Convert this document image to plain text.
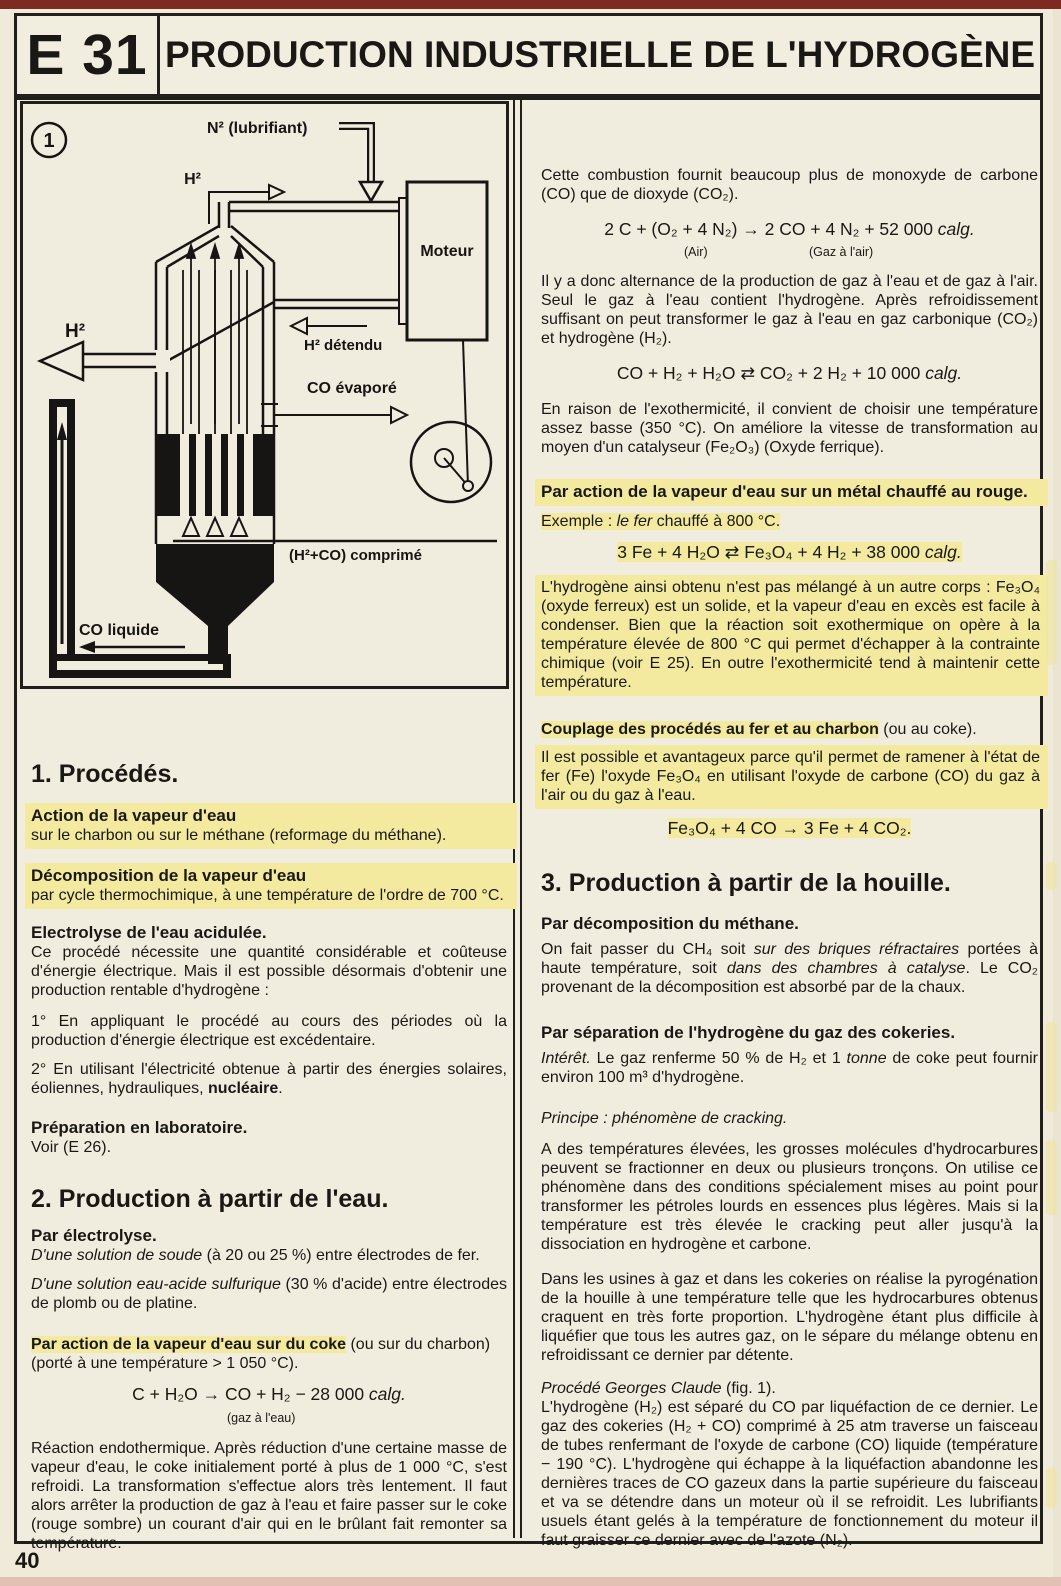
E 31 PRODUCTION INDUSTRIELLE DE L'HYDROGÈNE
1
N² (lubrifiant)
H²
CO liquide
H²
H² détendu
CO évaporé
(H²+CO) comprimé
Moteur
1. Procédés.
Action de la vapeur d'eau

sur le charbon ou sur le méthane (reformage du méthane).

Décomposition de la vapeur d'eau

par cycle thermochimique, à une température de l'ordre de 700 °C.

Electrolyse de l'eau acidulée.

Ce procédé nécessite une quantité considérable et coûteuse d'énergie électrique. Mais il est possible désormais d'obtenir une production rentable d'hydrogène :

1° En appliquant le procédé au cours des périodes où la production d'énergie électrique est excédentaire.

2° En utilisant l'électricité obtenue à partir des énergies solaires, éoliennes, hydrauliques, nucléaire.

Préparation en laboratoire.

Voir (E 26).

2. Production à partir de l'eau.
Par électrolyse.

D'une solution de soude (à 20 ou 25 %) entre électrodes de fer.

D'une solution eau-acide sulfurique (30 % d'acide) entre électrodes de plomb ou de platine.

Par action de la vapeur d'eau sur du coke (ou sur du charbon)

(porté à une température > 1 050 °C).

C + H₂O → CO + H₂ − 28 000 calg.
(gaz à l'eau)

Réaction endothermique. Après réduction d'une certaine masse de vapeur d'eau, le coke initialement porté à plus de 1 000 °C, s'est refroidi. La transformation s'effectue alors très lentement. Il faut alors arrêter la production de gaz à l'eau et faire passer sur le coke (rouge sombre) un courant d'air qui en le brûlant fait remonter sa température.

Cette combustion fournit beaucoup plus de monoxyde de carbone (CO) que de dioxyde (CO₂).

2 C + (O₂ + 4 N₂) → 2 CO + 4 N₂ + 52 000 calg.
(Air)	(Gaz à l'air)

Il y a donc alternance de la production de gaz à l'eau et de gaz à l'air. Seul le gaz à l'eau contient l'hydrogène. Après refroidissement suffisant on peut transformer le gaz à l'eau en gaz carbonique (CO₂) et hydrogène (H₂).

CO + H₂ + H₂O ⇄ CO₂ + 2 H₂ + 10 000 calg.

En raison de l'exothermicité, il convient de choisir une température assez basse (350 °C). On améliore la vitesse de transformation au moyen d'un catalyseur (Fe₂O₃) (Oxyde ferrique).

Par action de la vapeur d'eau sur un métal chauffé au rouge.

Exemple : le fer chauffé à 800 °C.

3 Fe + 4 H₂O ⇄ Fe₃O₄ + 4 H₂ + 38 000 calg.

L'hydrogène ainsi obtenu n'est pas mélangé à un autre corps : Fe₃O₄ (oxyde ferreux) est un solide, et la vapeur d'eau en excès est facile à condenser. Bien que la réaction soit exothermique on opère à la température élevée de 800 °C qui permet d'échapper à la contrainte chimique (voir E 25). En outre l'exothermicité tend à maintenir cette température.

Couplage des procédés au fer et au charbon (ou au coke).

Il est possible et avantageux parce qu'il permet de ramener à l'état de fer (Fe) l'oxyde Fe₃O₄ en utilisant l'oxyde de carbone (CO) du gaz à l'air ou du gaz à l'eau.

Fe₃O₄ + 4 CO → 3 Fe + 4 CO₂.
3. Production à partir de la houille.
Par décomposition du méthane.

On fait passer du CH₄ soit sur des briques réfractaires portées à haute température, soit dans des chambres à catalyse. Le CO₂ provenant de la décomposition est absorbé par de la chaux.

Par séparation de l'hydrogène du gaz des cokeries.

Intérêt. Le gaz renferme 50 % de H₂ et 1 tonne de coke peut fournir environ 100 m³ d'hydrogène.

Principe : phénomène de cracking.

A des températures élevées, les grosses molécules d'hydrocarbures peuvent se fractionner en deux ou plusieurs tronçons. On utilise ce phénomène dans des conditions spécialement mises au point pour transformer les pétroles lourds en essences plus légères. Mais si la température est très élevée le cracking peut aller jusqu'à la dissociation en hydrogène et carbone.

Dans les usines à gaz et dans les cokeries on réalise la pyrogénation de la houille à une température telle que les hydrocarbures obtenus craquent en très forte proportion. L'hydrogène étant plus difficile à liquéfier que tous les autres gaz, on le sépare du mélange obtenu en refroidissant ce dernier par détente.

Procédé Georges Claude (fig. 1).

L'hydrogène (H₂) est séparé du CO par liquéfaction de ce dernier. Le gaz des cokeries (H₂ + CO) comprimé à 25 atm traverse un faisceau de tubes renfermant de l'oxyde de carbone (CO) liquide (température − 190 °C). L'hydrogène qui échappe à la liquéfaction abandonne les dernières traces de CO gazeux dans la partie supérieure du faisceau et va se détendre dans un moteur où il se refroidit. Les lubrifiants usuels étant gelés à la température de fonctionnement du moteur il faut graisser ce dernier avec de l'azote (N₂).

40
